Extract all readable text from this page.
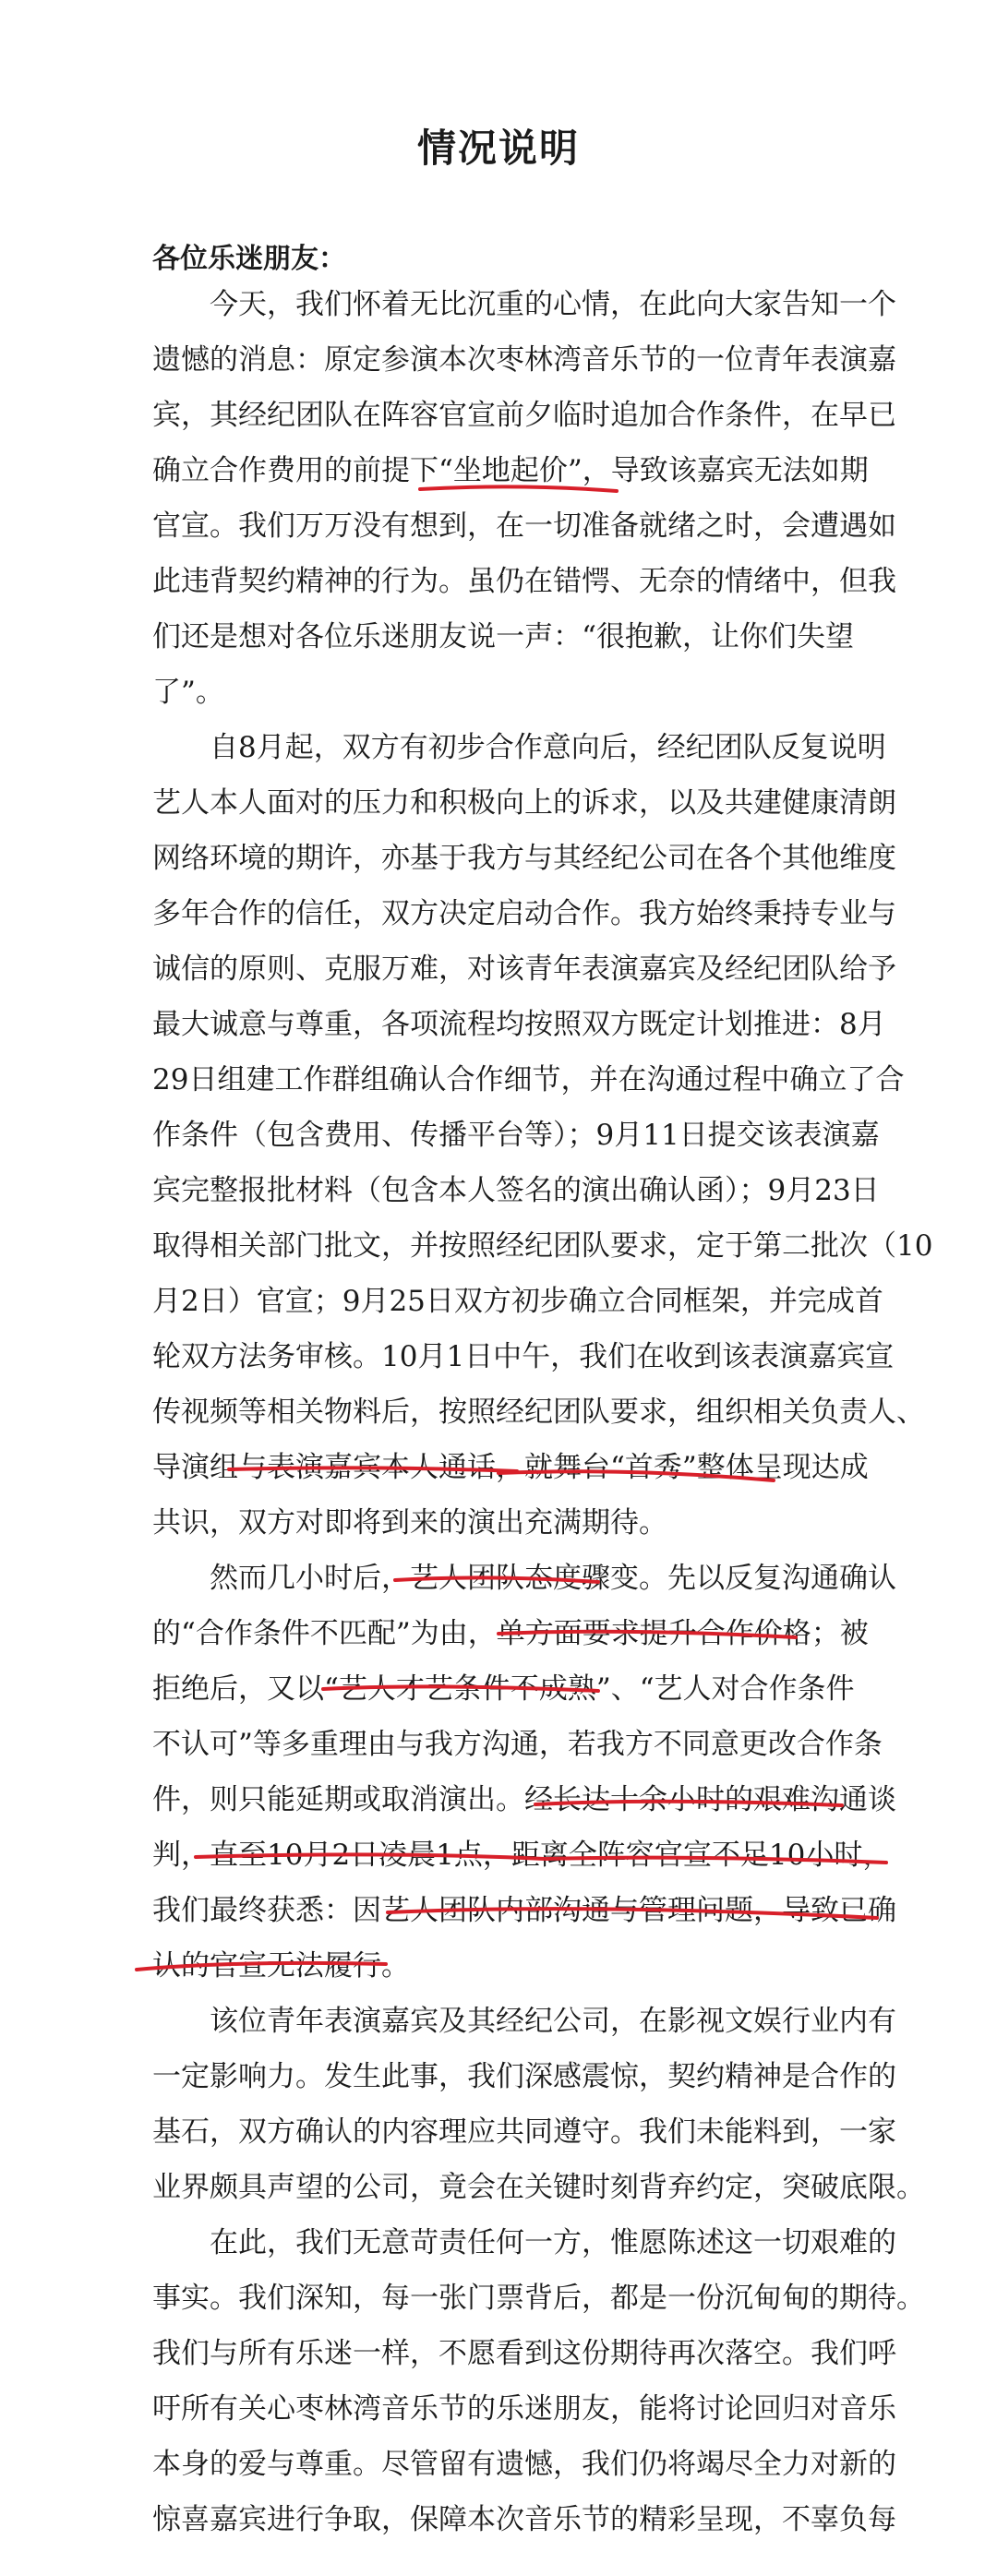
情况说明
各位乐迷朋友：
今天，我们怀着无比沉重的心情，在此向大家告知一个
遗憾的消息：原定参演本次枣林湾音乐节的一位青年表演嘉
宾，其经纪团队在阵容官宣前夕临时追加合作条件，在早已
确立合作费用的前提下“坐地起价”，导致该嘉宾无法如期
官宣。我们万万没有想到，在一切准备就绪之时，会遭遇如
此违背契约精神的行为。虽仍在错愕、无奈的情绪中，但我
们还是想对各位乐迷朋友说一声：“很抱歉，让你们失望
了”。
自8月起，双方有初步合作意向后，经纪团队反复说明
艺人本人面对的压力和积极向上的诉求，以及共建健康清朗
网络环境的期许，亦基于我方与其经纪公司在各个其他维度
多年合作的信任，双方决定启动合作。我方始终秉持专业与
诚信的原则、克服万难，对该青年表演嘉宾及经纪团队给予
最大诚意与尊重，各项流程均按照双方既定计划推进：8月
29日组建工作群组确认合作细节，并在沟通过程中确立了合
作条件（包含费用、传播平台等）；9月11日提交该表演嘉
宾完整报批材料（包含本人签名的演出确认函）；9月23日
取得相关部门批文，并按照经纪团队要求，定于第二批次（10
月2日）官宣；9月25日双方初步确立合同框架，并完成首
轮双方法务审核。10月1日中午，我们在收到该表演嘉宾宣
传视频等相关物料后，按照经纪团队要求，组织相关负责人、
导演组与表演嘉宾本人通话，就舞台“首秀”整体呈现达成
共识，双方对即将到来的演出充满期待。
然而几小时后，艺人团队态度骤变。先以反复沟通确认
的“合作条件不匹配”为由，单方面要求提升合作价格；被
拒绝后，又以“艺人才艺条件不成熟”、“艺人对合作条件
不认可”等多重理由与我方沟通，若我方不同意更改合作条
件，则只能延期或取消演出。经长达十余小时的艰难沟通谈
判，直至10月2日凌晨1点，距离全阵容官宣不足10小时，
我们最终获悉：因艺人团队内部沟通与管理问题，导致已确
认的官宣无法履行。
该位青年表演嘉宾及其经纪公司，在影视文娱行业内有
一定影响力。发生此事，我们深感震惊，契约精神是合作的
基石，双方确认的内容理应共同遵守。我们未能料到，一家
业界颇具声望的公司，竟会在关键时刻背弃约定，突破底限。
在此，我们无意苛责任何一方，惟愿陈述这一切艰难的
事实。我们深知，每一张门票背后，都是一份沉甸甸的期待。
我们与所有乐迷一样，不愿看到这份期待再次落空。我们呼
吁所有关心枣林湾音乐节的乐迷朋友，能将讨论回归对音乐
本身的爱与尊重。尽管留有遗憾，我们仍将竭尽全力对新的
惊喜嘉宾进行争取，保障本次音乐节的精彩呈现，不辜负每
